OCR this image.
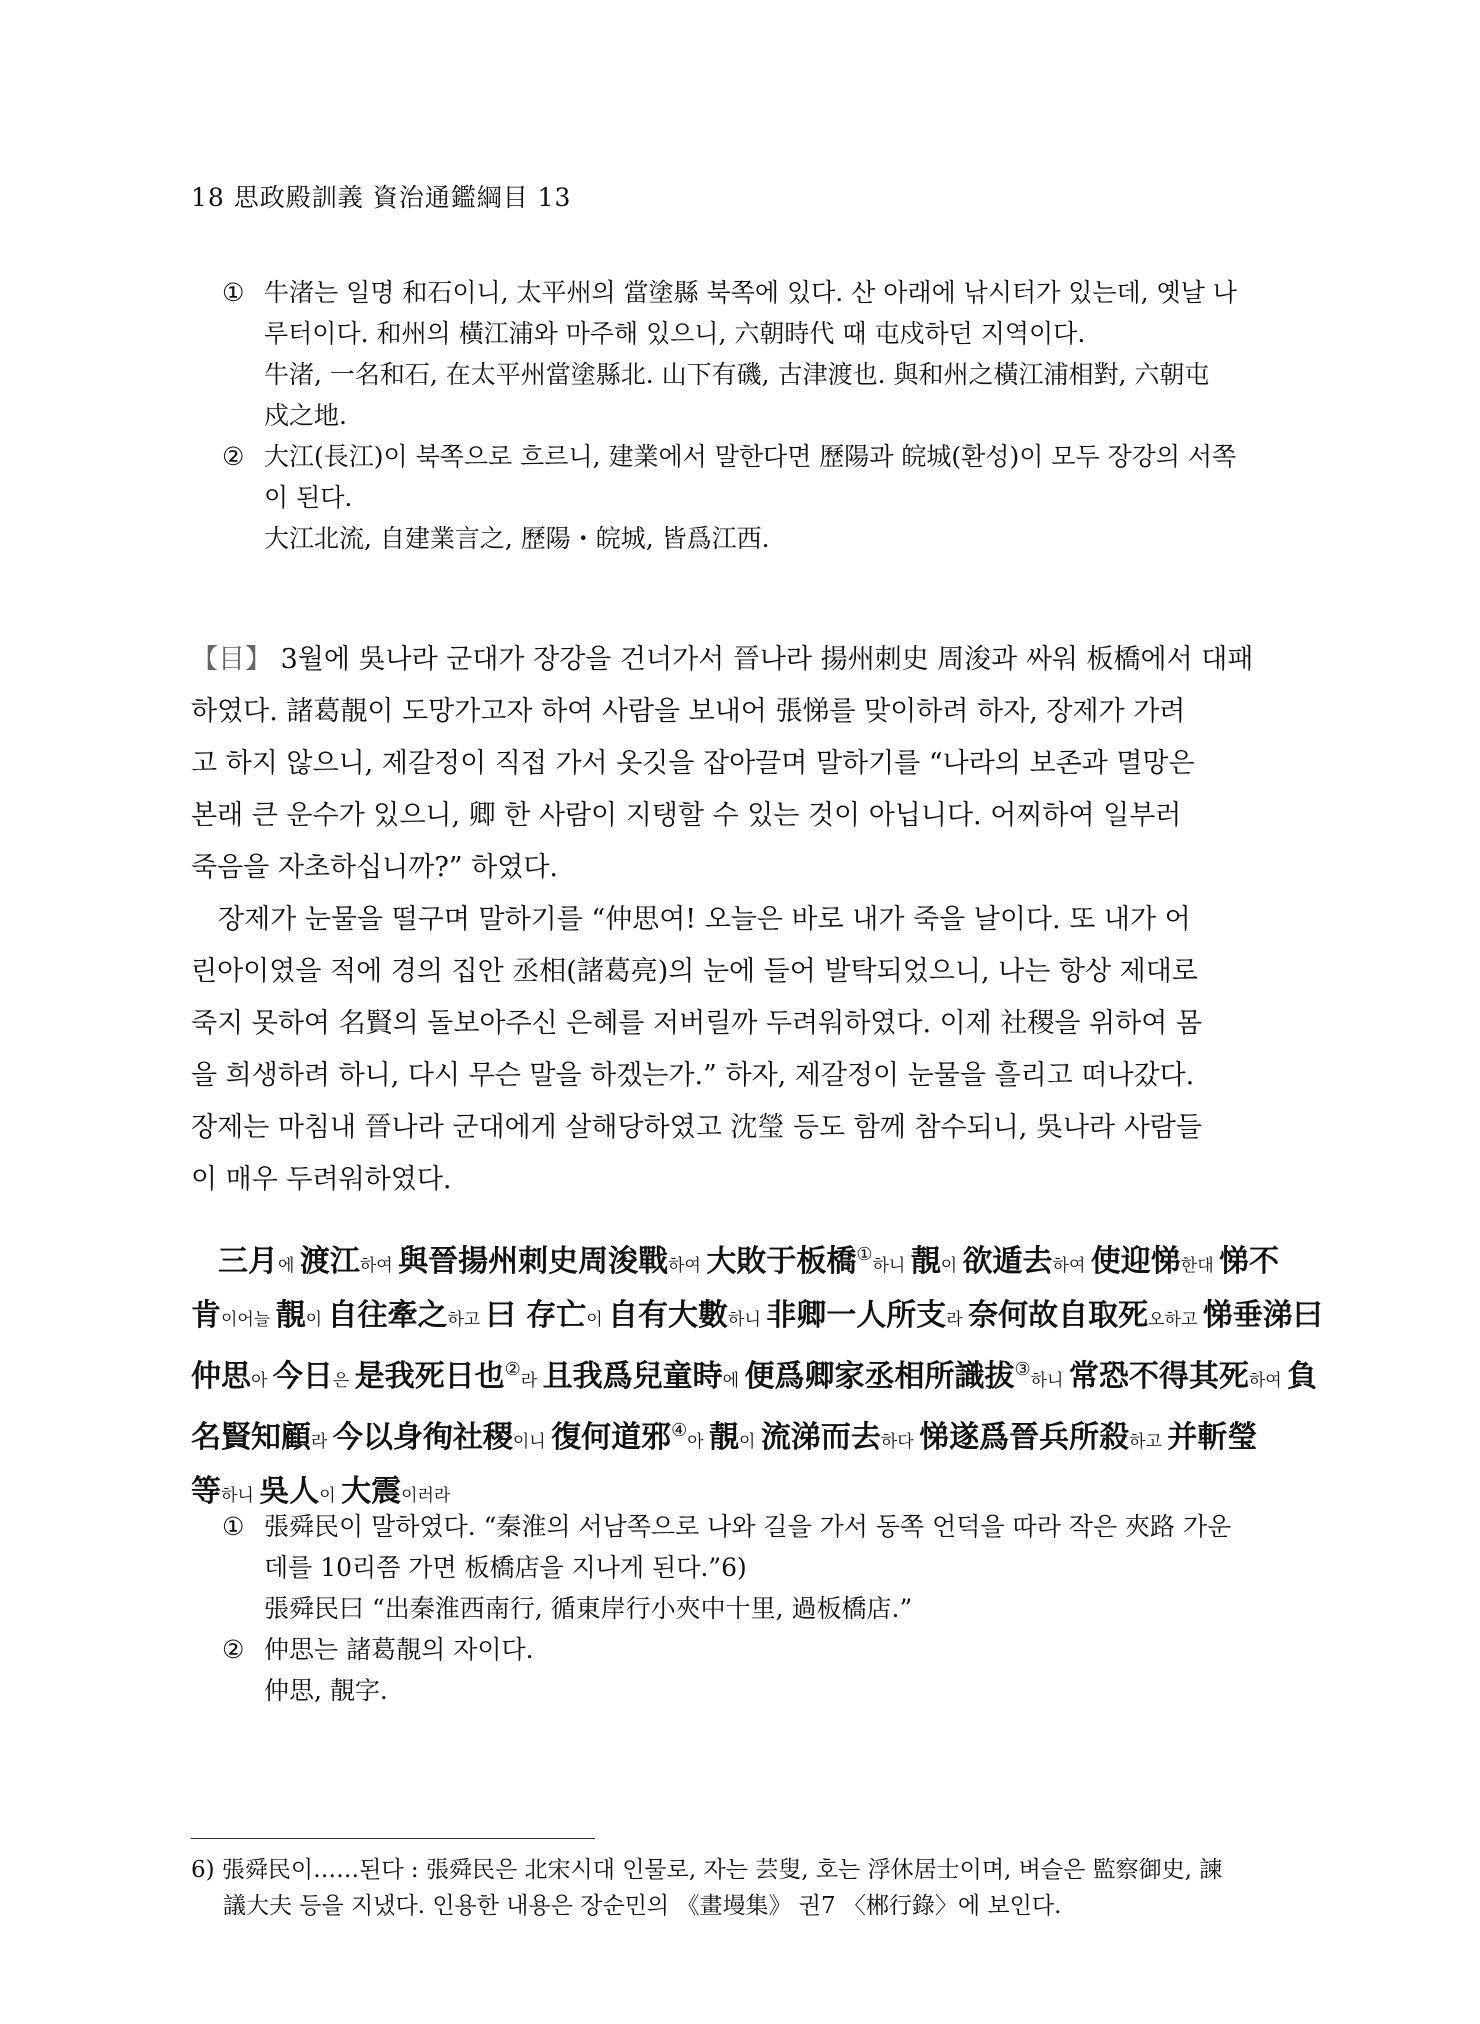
18 思政殿訓義 資治通鑑綱目 13
① 牛渚는 일명 和石이니, 太平州의 當塗縣 북쪽에 있다. 산 아래에 낚시터가 있는데, 옛날 나
루터이다. 和州의 橫江浦와 마주해 있으니, 六朝時代 때 屯戍하던 지역이다.
牛渚, 一名和石, 在太平州當塗縣北. 山下有磯, 古津渡也. 與和州之橫江浦相對, 六朝屯
戍之地.
② 大江(長江)이 북쪽으로 흐르니, 建業에서 말한다면 歷陽과 皖城(환성)이 모두 장강의 서쪽
이 된다.
大江北流, 自建業言之, 歷陽・皖城, 皆爲江西.

【目】 3월에 吳나라 군대가 장강을 건너가서 晉나라 揚州刺史 周浚과 싸워 板橋에서 대패
하였다. 諸葛靚이 도망가고자 하여 사람을 보내어 張悌를 맞이하려 하자, 장제가 가려
고 하지 않으니, 제갈정이 직접 가서 옷깃을 잡아끌며 말하기를 “나라의 보존과 멸망은
본래 큰 운수가 있으니, 卿 한 사람이 지탱할 수 있는 것이 아닙니다. 어찌하여 일부러
죽음을 자초하십니까?” 하였다.

장제가 눈물을 떨구며 말하기를 “仲思여! 오늘은 바로 내가 죽을 날이다. 또 내가 어
린아이였을 적에 경의 집안 丞相(諸葛亮)의 눈에 들어 발탁되었으니, 나는 항상 제대로
죽지 못하여 名賢의 돌보아주신 은혜를 저버릴까 두려워하였다. 이제 社稷을 위하여 몸
을 희생하려 하니, 다시 무슨 말을 하겠는가.” 하자, 제갈정이 눈물을 흘리고 떠나갔다.
장제는 마침내 晉나라 군대에게 살해당하였고 沈瑩 등도 함께 참수되니, 吳나라 사람들
이 매우 두려워하였다.

三月에 渡江하여 與晉揚州刺史周浚戰하여 大敗于板橋①하니 靚이 欲遁去하여 使迎悌한대 悌不
肯이어늘 靚이 自往牽之하고 曰 存亡이 自有大數하니 非卿一人所支라 奈何故自取死오하고 悌垂涕曰
仲思아 今日은 是我死日也②라 且我爲兒童時에 便爲卿家丞相所識拔③하니 常恐不得其死하여 負
名賢知顧라 今以身徇社稷이니 復何道邪④아 靚이 流涕而去하다 悌遂爲晉兵所殺하고 并斬瑩
等하니 吳人이 大震이러라
① 張舜民이 말하였다. “秦淮의 서남쪽으로 나와 길을 가서 동쪽 언덕을 따라 작은 夾路 가운
데를 10리쯤 가면 板橋店을 지나게 된다.”6)
張舜民曰 “出秦淮西南行, 循東岸行小夾中十里, 過板橋店.”
② 仲思는 諸葛靚의 자이다.
仲思, 靚字.
6) 張舜民이……된다 : 張舜民은 北宋시대 인물로, 자는 芸叟, 호는 浮休居士이며, 벼슬은 監察御史, 諫
議大夫 등을 지냈다. 인용한 내용은 장순민의 《畫墁集》 권7 〈郴行錄〉에 보인다.
